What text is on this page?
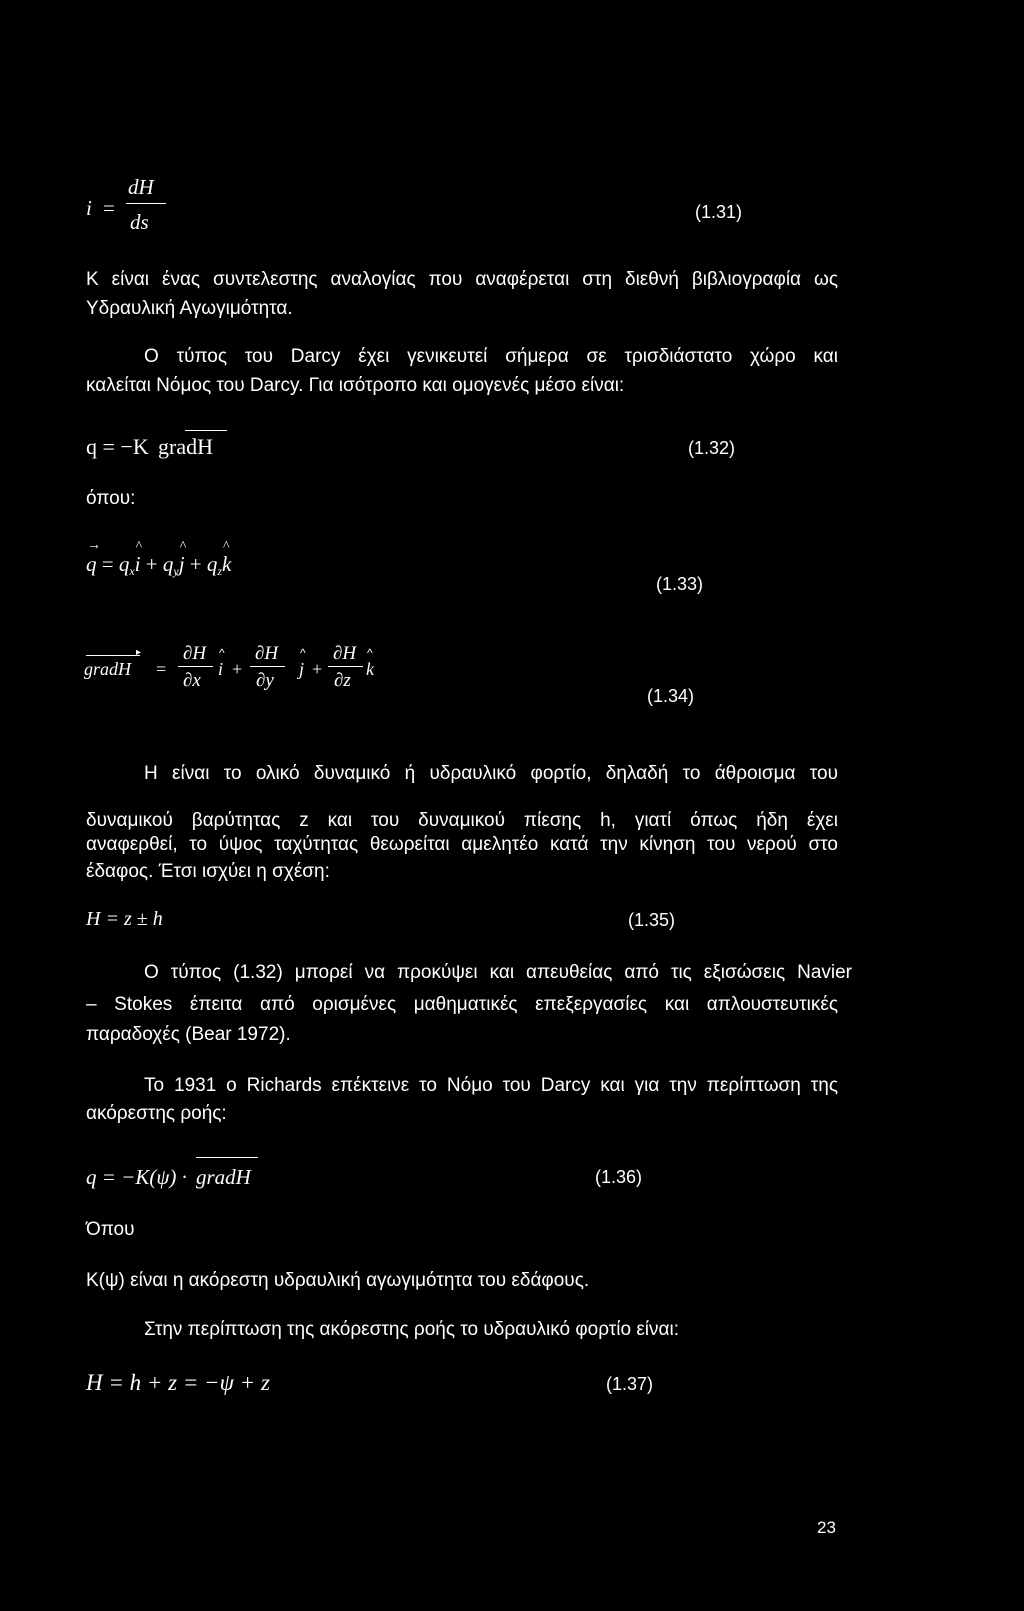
i =
dH
ds	(1.31)
K είναι ένας συντελεστης αναλογίας που αναφέρεται στη διεθνή βιβλιογραφία ως
Υδραυλική Αγωγιμότητα.
Ο τύπος του Darcy έχει γενικευτεί σήμερα σε τρισδιάστατο χώρο και
καλείται Νόμος του Darcy. Για ισότροπο και ομογενές μέσο είναι:
q = −K gradH	(1.32)
όπου:
→
$q = q_x$
^
$i + q_y$
^
$j + q_z$
^
k
(1.33)
gradH
▸
=
∂H
∂x
i
^
+
∂H
∂y
j
^
+
∂H
∂z
k
^
(1.34)
Η είναι το ολικό δυναμικό ή υδραυλικό φορτίο, δηλαδή το άθροισμα του
δυναμικού βαρύτητας z και του δυναμικού πίεσης h, γιατί όπως ήδη έχει
αναφερθεί, το ύψος ταχύτητας θεωρείται αμελητέο κατά την κίνηση του νερού στο
έδαφος. Έτσι ισχύει η σχέση:
H = z ± h	(1.35)
Ο τύπος (1.32) μπορεί να προκύψει και απευθείας από τις εξισώσεις Navier
– Stokes έπειτα από ορισμένες μαθηματικές επεξεργασίες και απλουστευτικές
παραδοχές (Bear 1972).
Το 1931 ο Richards επέκτεινε το Νόμο του Darcy και για την περίπτωση της
ακόρεστης ροής:
q = −K(ψ) · gradH	(1.36)
Όπου
K(ψ) είναι η ακόρεστη υδραυλική αγωγιμότητα του εδάφους.
Στην περίπτωση της ακόρεστης ροής το υδραυλικό φορτίο είναι:
H = h + z = −ψ + z	(1.37)
23
